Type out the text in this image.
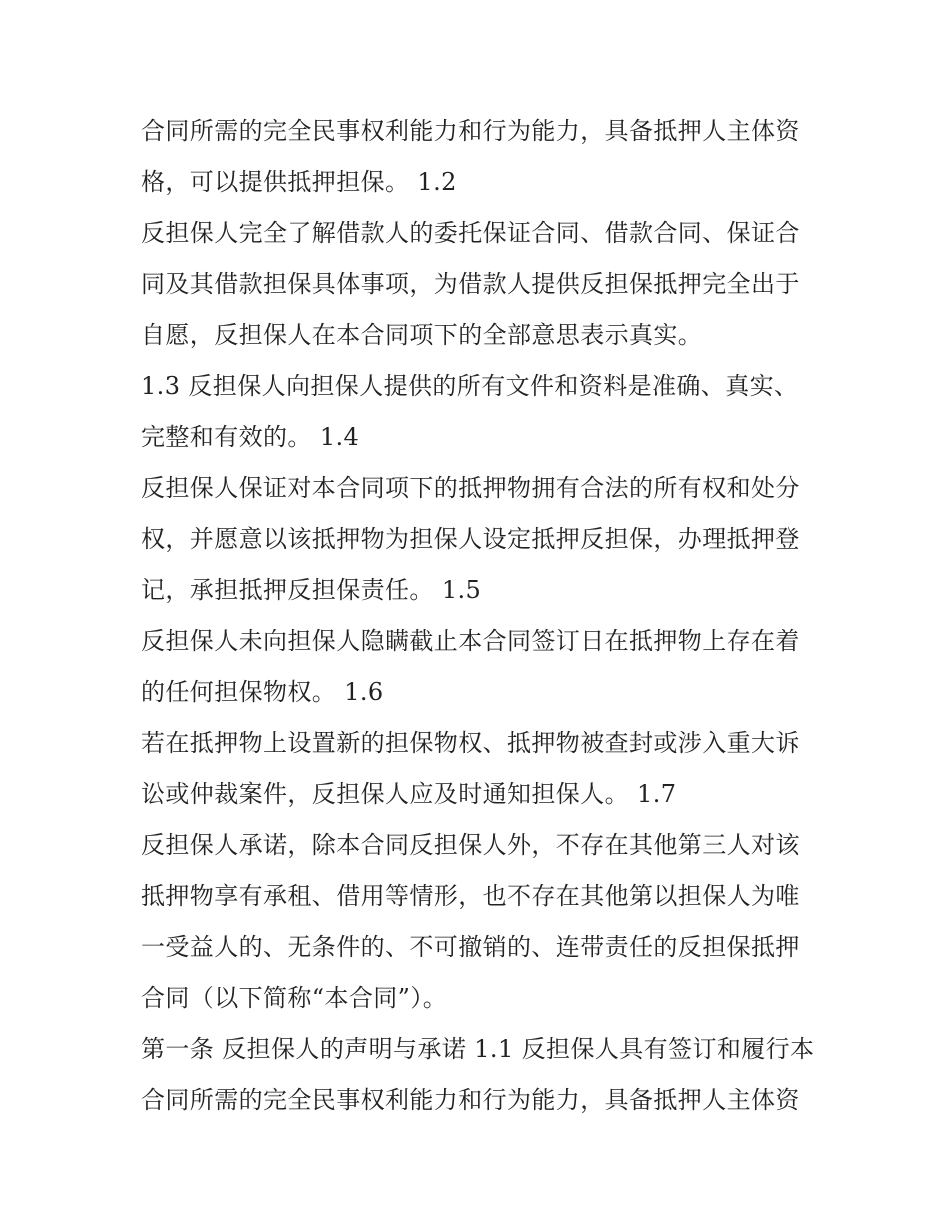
合同所需的完全民事权利能力和行为能力，具备抵押人主体资
格，可以提供抵押担保。 1.2
反担保人完全了解借款人的委托保证合同、借款合同、保证合
同及其借款担保具体事项，为借款人提供反担保抵押完全出于
自愿，反担保人在本合同项下的全部意思表示真实。
1.3 反担保人向担保人提供的所有文件和资料是准确、真实、
完整和有效的。 1.4
反担保人保证对本合同项下的抵押物拥有合法的所有权和处分
权，并愿意以该抵押物为担保人设定抵押反担保，办理抵押登
记，承担抵押反担保责任。 1.5
反担保人未向担保人隐瞒截止本合同签订日在抵押物上存在着
的任何担保物权。 1.6
若在抵押物上设置新的担保物权、抵押物被查封或涉入重大诉
讼或仲裁案件，反担保人应及时通知担保人。 1.7
反担保人承诺，除本合同反担保人外，不存在其他第三人对该
抵押物享有承租、借用等情形，也不存在其他第以担保人为唯
一受益人的、无条件的、不可撤销的、连带责任的反担保抵押
合同（以下简称“本合同”）。
第一条 反担保人的声明与承诺 1.1 反担保人具有签订和履行本
合同所需的完全民事权利能力和行为能力，具备抵押人主体资
